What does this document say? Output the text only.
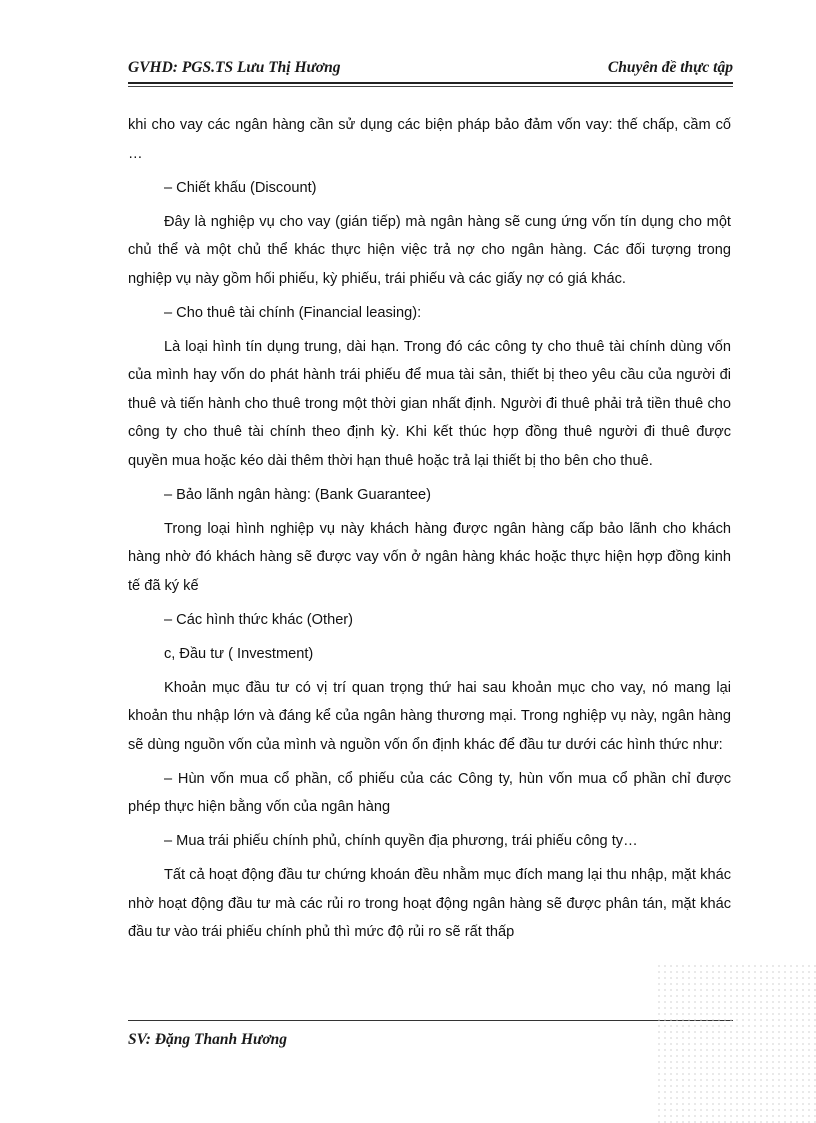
GVHD: PGS.TS Lưu Thị Hương	Chuyên đề thực tập

khi cho vay các ngân hàng cần sử dụng các biện pháp bảo đảm vốn vay: thế chấp, cầm cố …

– Chiết khấu (Discount)

Đây là nghiệp vụ cho vay (gián tiếp) mà ngân hàng sẽ cung ứng vốn tín dụng cho một chủ thể và một chủ thể khác thực hiện việc trả nợ cho ngân hàng. Các đối tượng trong nghiệp vụ này gồm hối phiếu, kỳ phiếu, trái phiếu và các giấy nợ có giá khác.

– Cho thuê tài chính (Financial leasing):

Là loại hình tín dụng trung, dài hạn. Trong đó các công ty cho thuê tài chính dùng vốn của mình hay vốn do phát hành trái phiếu để mua tài sản, thiết bị theo yêu cầu của người đi thuê và tiến hành cho thuê trong một thời gian nhất định. Người đi thuê phải trả tiền thuê cho công ty cho thuê tài chính theo định kỳ. Khi kết thúc hợp đồng thuê người đi thuê được quyền mua hoặc kéo dài thêm thời hạn thuê hoặc trả lại thiết bị tho bên cho thuê.

– Bảo lãnh ngân hàng: (Bank Guarantee)

Trong loại hình nghiệp vụ này khách hàng được ngân hàng cấp bảo lãnh cho khách hàng nhờ đó khách hàng sẽ được vay vốn ở ngân hàng khác hoặc thực hiện hợp đồng kinh tế đã ký kế

– Các hình thức khác (Other)

c, Đầu tư ( Investment)

Khoản mục đầu tư có vị trí quan trọng thứ hai sau khoản mục cho vay, nó mang lại khoản thu nhập lớn và đáng kể của ngân hàng thương mại. Trong nghiệp vụ này, ngân hàng sẽ dùng nguồn vốn của mình và nguồn vốn ổn định khác để đầu tư dưới các hình thức như:

– Hùn vốn mua cổ phần, cổ phiếu của các Công ty, hùn vốn mua cổ phần chỉ được phép thực hiện bằng vốn của ngân hàng

– Mua trái phiếu chính phủ, chính quyền địa phương, trái phiếu công ty…

Tất cả hoạt động đầu tư chứng khoán đều nhằm mục đích mang lại thu nhập, mặt khác nhờ hoạt động đầu tư mà các rủi ro trong hoạt động ngân hàng sẽ được phân tán, mặt khác đầu tư vào trái phiếu chính phủ thì mức độ rủi ro sẽ rất thấp

SV: Đặng Thanh Hương
